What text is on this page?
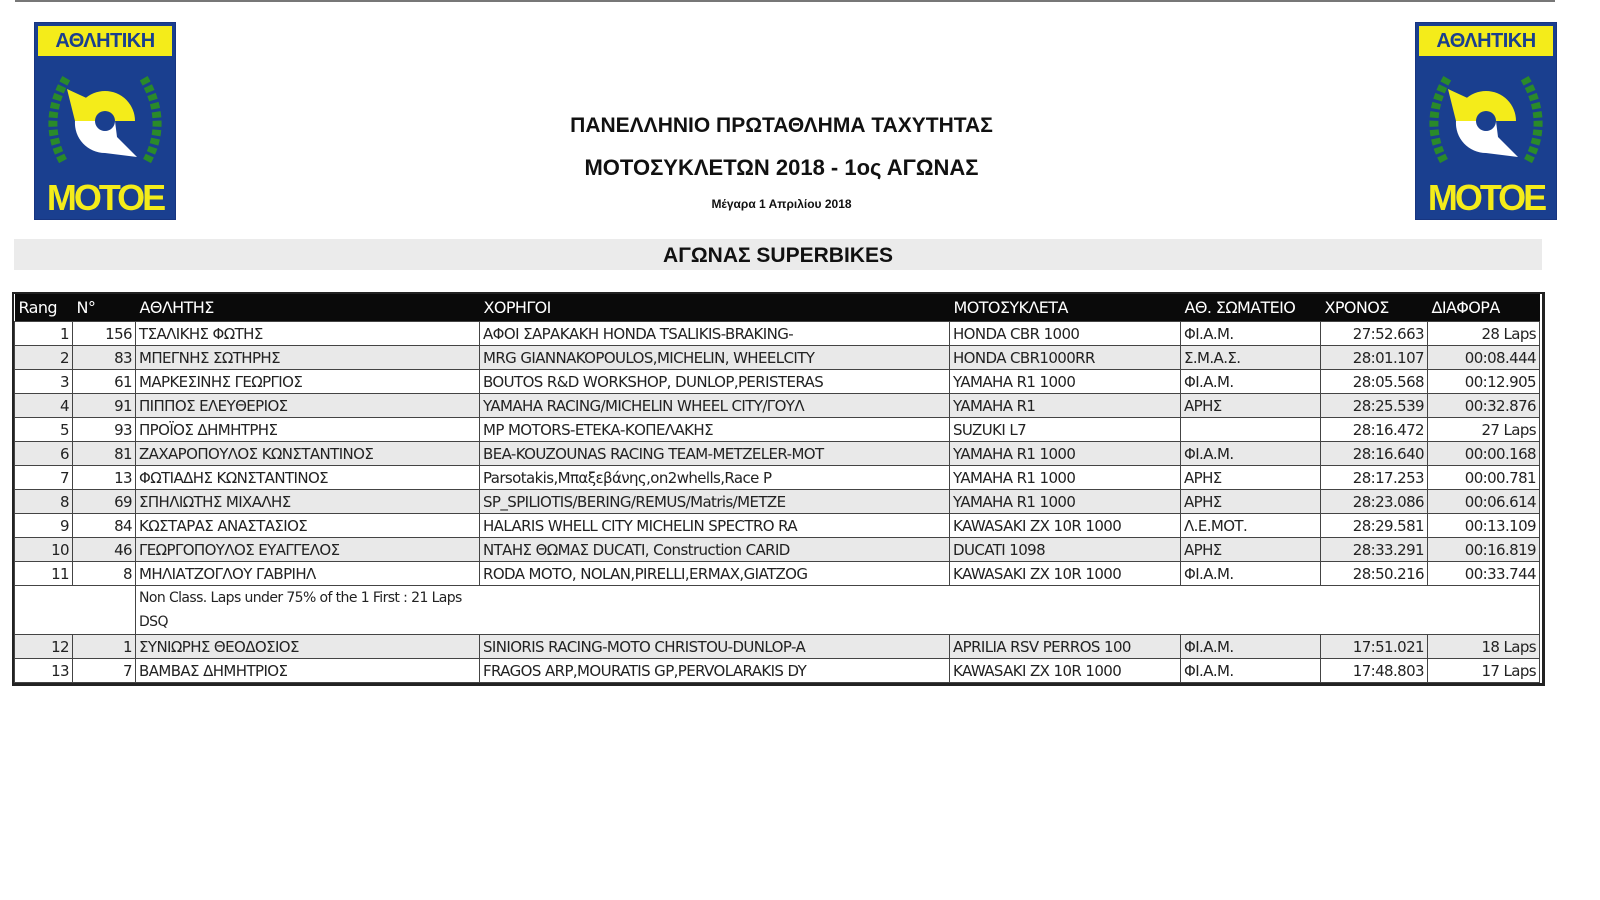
ΑΘΛΗΤΙΚΗ
ΜΟΤΟΕ
ΑΘΛΗΤΙΚΗ
ΜΟΤΟΕ
ΠΑΝΕΛΛΗΝΙΟ ΠΡΩΤΑΘΛΗΜΑ ΤΑΧΥΤΗΤΑΣ
ΜΟΤΟΣΥΚΛΕΤΩΝ 2018 - 1ος ΑΓΩΝΑΣ
Μέγαρα 1 Απριλίου 2018
ΑΓΩΝΑΣ SUPERBIKES
Rang	N°	ΑΘΛΗΤΗΣ	ΧΟΡΗΓΟΙ	ΜΟΤΟΣΥΚΛΕΤΑ	ΑΘ. ΣΩΜΑΤΕΙΟ	ΧΡΟΝΟΣ	ΔΙΑΦΟΡΑ
1	156	ΤΣΑΛΙΚΗΣ ΦΩΤΗΣ	ΑΦΟΙ ΣΑΡΑΚΑΚΗ HONDA TSALIKIS-BRAKING-	HONDA CBR 1000	ΦΙ.Α.Μ.	27:52.663	28 Laps
2	83	ΜΠΕΓΝΗΣ ΣΩΤΗΡΗΣ	MRG GIANNAKOPOULOS,MICHELIN, WHEELCITY	HONDA CBR1000RR	Σ.Μ.Α.Σ.	28:01.107	00:08.444
3	61	ΜΑΡΚΕΣΙΝΗΣ ΓΕΩΡΓΙΟΣ	BOUTOS R&D WORKSHOP, DUNLOP,PERISTERAS	YAMAHA R1 1000	ΦΙ.Α.Μ.	28:05.568	00:12.905
4	91	ΠΙΠΠΟΣ ΕΛΕΥΘΕΡΙΟΣ	YAMAHA RACING/MICHELIN WHEEL CITY/ΓΟΥΛ	YAMAHA R1	ΑΡΗΣ	28:25.539	00:32.876
5	93	ΠΡΟΪΟΣ ΔΗΜΗΤΡΗΣ	MP MOTORS-ΕΤΕΚΑ-ΚΟΠΕΛΑΚΗΣ	SUZUKI L7		28:16.472	27 Laps
6	81	ΖΑΧΑΡΟΠΟΥΛΟΣ ΚΩΝΣΤΑΝΤΙΝΟΣ	BEA-KOUZOUNAS RACING TEAM-METZELER-MOT	YAMAHA R1 1000	ΦΙ.Α.Μ.	28:16.640	00:00.168
7	13	ΦΩΤΙΑΔΗΣ ΚΩΝΣΤΑΝΤΙΝΟΣ	Parsotakis,Μπαξεβάνης,on2whells,Race P	YAMAHA R1 1000	ΑΡΗΣ	28:17.253	00:00.781
8	69	ΣΠΗΛΙΩΤΗΣ ΜΙΧΑΛΗΣ	SP_SPILIOTIS/BERING/REMUS/Matris/METZE	YAMAHA R1 1000	ΑΡΗΣ	28:23.086	00:06.614
9	84	ΚΩΣΤΑΡΑΣ ΑΝΑΣΤΑΣΙΟΣ	HALARIS WHELL CITY MICHELIN SPECTRO RA	KAWASAKI ZX 10R 1000	Λ.Ε.ΜΟΤ.	28:29.581	00:13.109
10	46	ΓΕΩΡΓΟΠΟΥΛΟΣ ΕΥΑΓΓΕΛΟΣ	ΝΤΑΗΣ ΘΩΜΑΣ DUCATI, Construction CARID	DUCATI 1098	ΑΡΗΣ	28:33.291	00:16.819
11	8	ΜΗΛΙΑΤΖΟΓΛΟΥ ΓΑΒΡΙΗΛ	RODA MOTO, NOLAN,PIRELLI,ERMAX,GIATZOG	KAWASAKI ZX 10R 1000	ΦΙ.Α.Μ.	28:50.216	00:33.744
		Non Class. Laps under 75% of the 1 First : 21 Laps					
		DSQ					
12	1	ΣΥΝΙΩΡΗΣ ΘΕΟΔΟΣΙΟΣ	SINIORIS RACING-MOTO CHRISTOU-DUNLOP-A	APRILIA RSV PERROS 100	ΦΙ.Α.Μ.	17:51.021	18 Laps
13	7	ΒΑΜΒΑΣ ΔΗΜΗΤΡΙΟΣ	FRAGOS ARP,MOURATIS GP,PERVOLARAKIS DY	KAWASAKI ZX 10R 1000	ΦΙ.Α.Μ.	17:48.803	17 Laps
